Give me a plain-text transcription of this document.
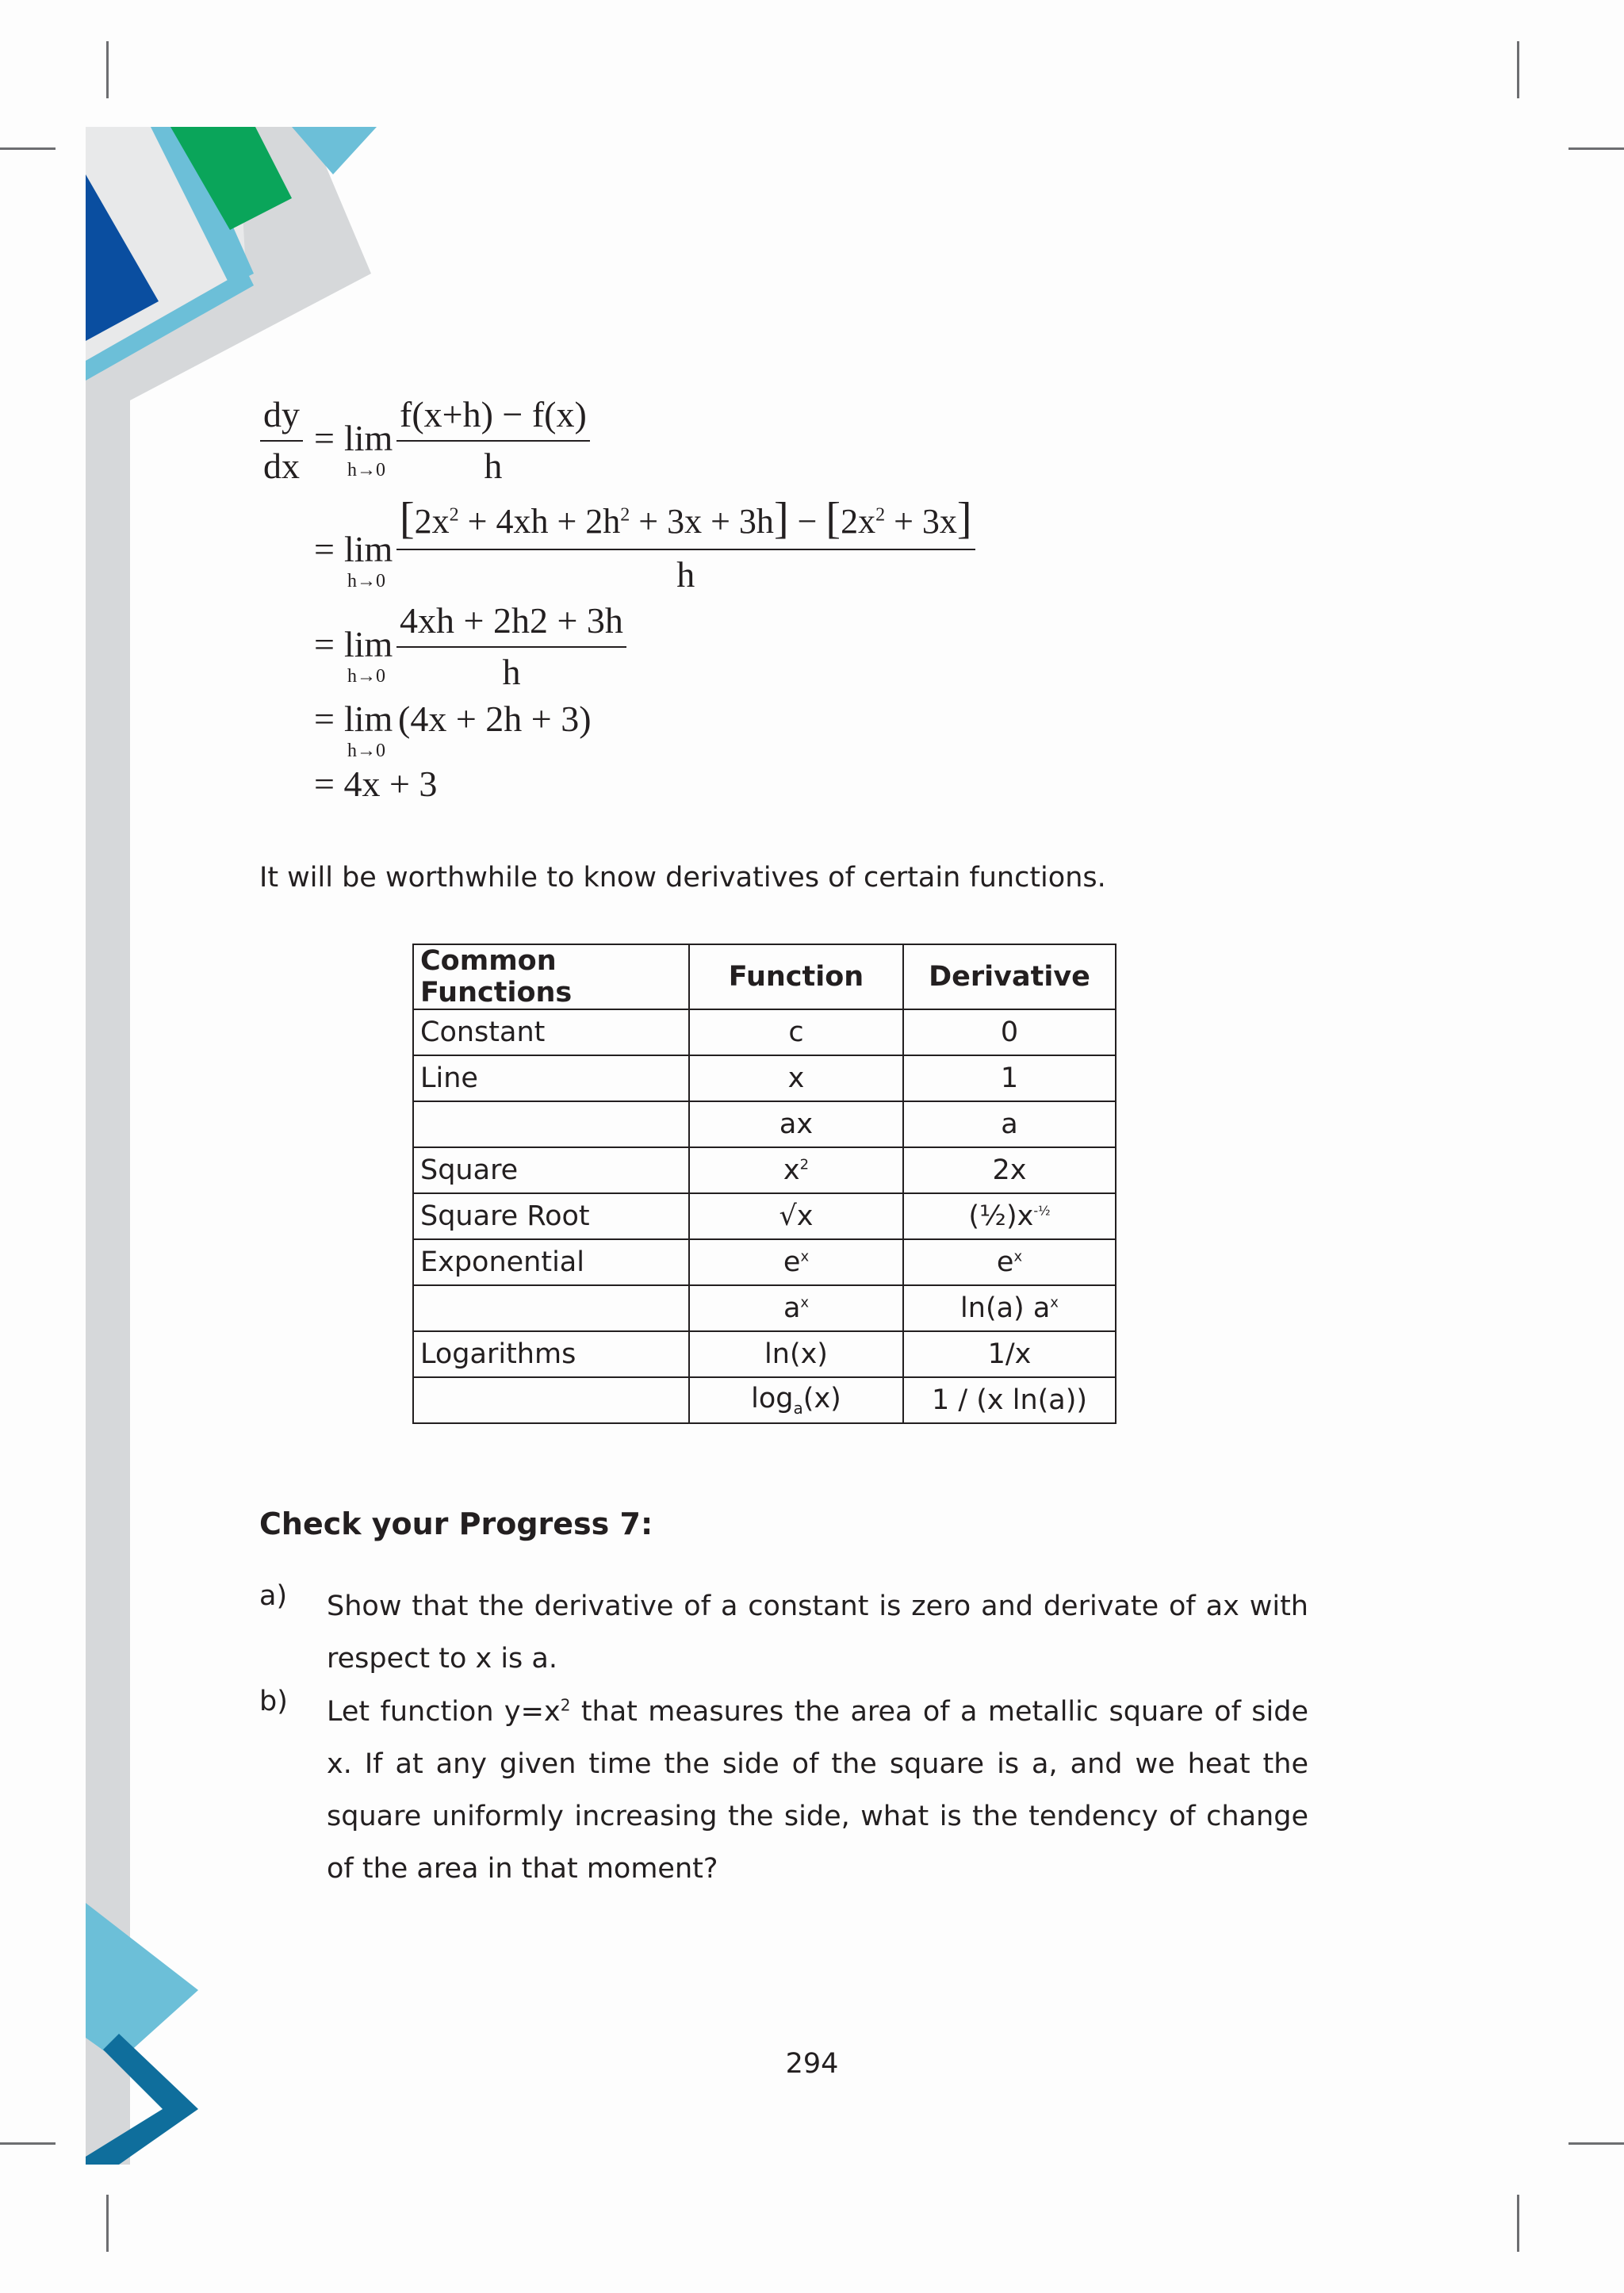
$\frac{dy}{dx} = \lim$
$h\to 0 \frac{f(x+h) - f(x)}{h}$
= lim
$h\to 0 \frac{[2x^2 + 4xh + 2h^2 + 3x + 3h] - [2x^2 + 3x]}{h}$
= lim
$h\to 0 \frac{4xh + 2h2 + 3h}{h}$
= lim
h→0
(4x + 2h + 3)
= 4x + 3
It will be worthwhile to know derivatives of certain functions.
Common Functions	Function	Derivative
Constant	c	0
Line	x	1
	ax	a
Square	$x^2$	2x
Square Root	√x	$(\frac{1}{2})x^{-\frac{1}{2}}$
Exponential	$e^x$	$e^x$
	$a^x$	ln(a) $a^x$
Logarithms	ln(x)	1/x
	$\log_a(x)$	1 / (x ln(a))
Check your Progress 7:
a) Show that the derivative of a constant is zero and derivate of ax with respect to x is a.
b) Let function $y=x^2$ that measures the area of a metallic square of side x. If at any given time the side of the square is a, and we heat the square uniformly increasing the side, what is the tendency of change of the area in that moment?
294
